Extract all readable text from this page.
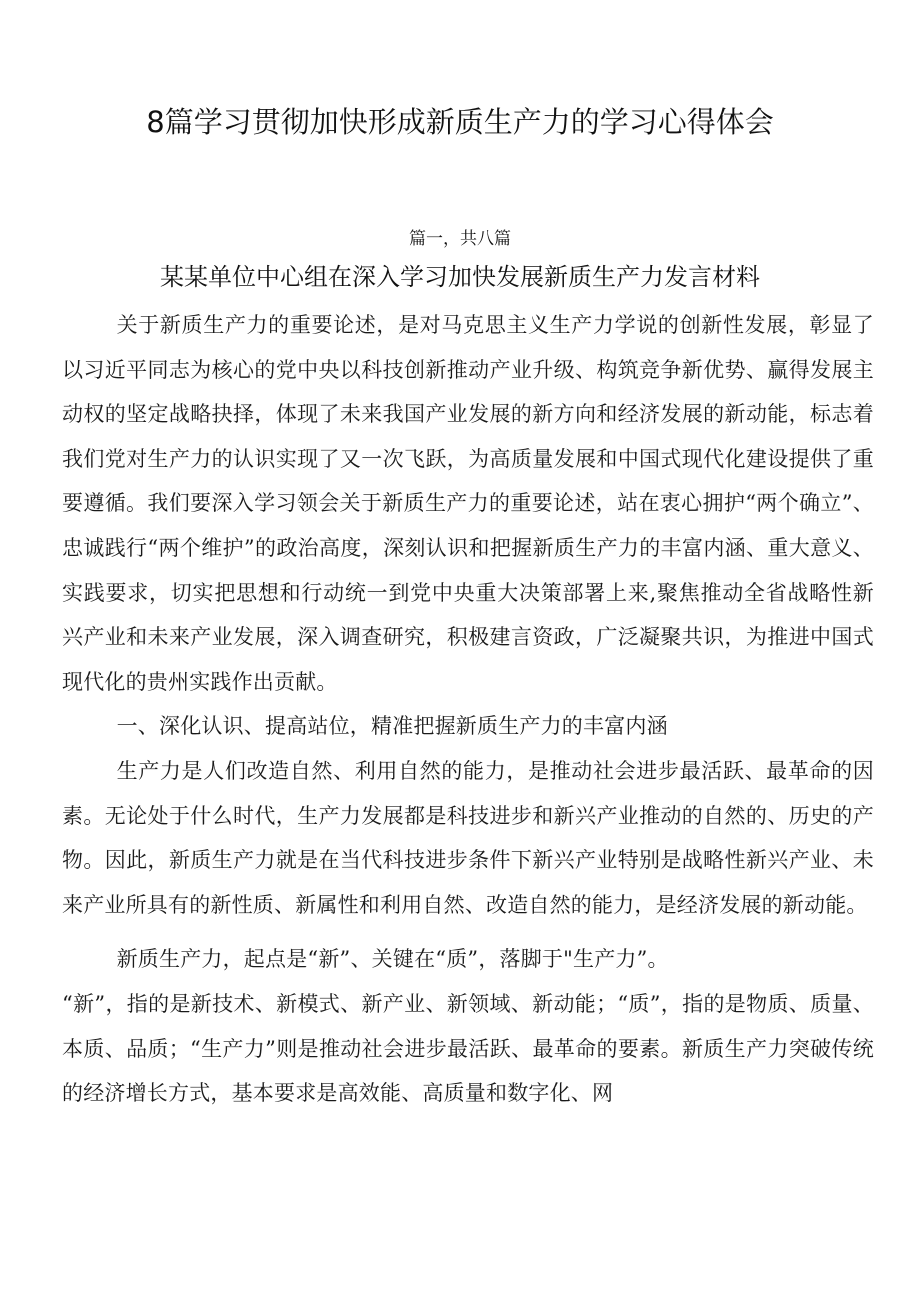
8篇学习贯彻加快形成新质生产力的学习心得体会
篇一，共八篇
某某单位中心组在深入学习加快发展新质生产力发言材料

关于新质生产力的重要论述，是对马克思主义生产力学说的创新性发展，彰显了以习近平同志为核心的党中央以科技创新推动产业升级、构筑竞争新优势、赢得发展主动权的坚定战略抉择，体现了未来我国产业发展的新方向和经济发展的新动能，标志着我们党对生产力的认识实现了又一次飞跃，为高质量发展和中国式现代化建设提供了重要遵循。我们要深入学习领会关于新质生产力的重要论述，站在衷心拥护“两个确立”、忠诚践行“两个维护”的政治高度，深刻认识和把握新质生产力的丰富内涵、重大意义、实践要求，切实把思想和行动统一到党中央重大决策部署上来,聚焦推动全省战略性新兴产业和未来产业发展，深入调查研究，积极建言资政，广泛凝聚共识，为推进中国式现代化的贵州实践作出贡献。

一、深化认识、提高站位，精准把握新质生产力的丰富内涵

生产力是人们改造自然、利用自然的能力，是推动社会进步最活跃、最革命的因素。无论处于什么时代，生产力发展都是科技进步和新兴产业推动的自然的、历史的产物。因此，新质生产力就是在当代科技进步条件下新兴产业特别是战略性新兴产业、未来产业所具有的新性质、新属性和利用自然、改造自然的能力，是经济发展的新动能。

新质生产力，起点是“新”、关键在“质”，落脚于"生产力”。

“新”，指的是新技术、新模式、新产业、新领域、新动能；“质”，指的是物质、质量、本质、品质；“生产力”则是推动社会进步最活跃、最革命的要素。新质生产力突破传统的经济增长方式，基本要求是高效能、高质量和数字化、网
